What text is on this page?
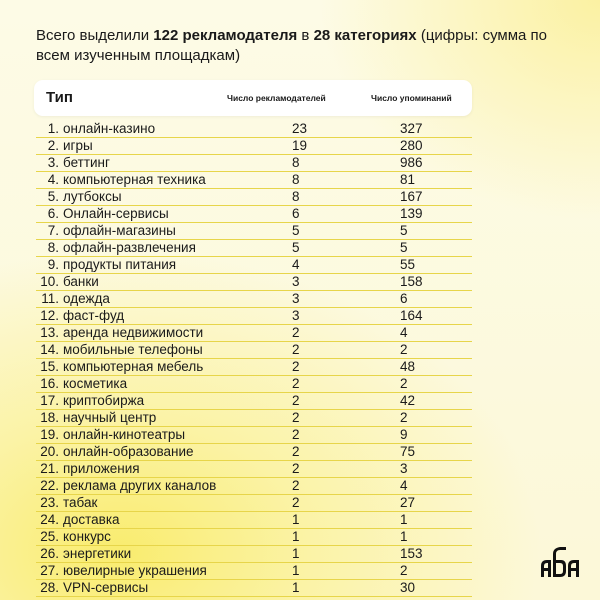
Всего выделили 122 рекламодателя в 28 категориях (цифры: сумма по всем изученным площадкам)
Тип	Число рекламодателей	Число упоминаний
1. онлайн-казино	23	327
2. игры	19	280
3. беттинг	8	986
4. компьютерная техника	8	81
5. лутбоксы	8	167
6. Онлайн-сервисы	6	139
7. офлайн-магазины	5	5
8. офлайн-развлечения	5	5
9. продукты питания	4	55
10. банки	3	158
11. одежда	3	6
12. фаст-фуд	3	164
13. аренда недвижимости	2	4
14. мобильные телефоны	2	2
15. компьютерная мебель	2	48
16. косметика	2	2
17. криптобиржа	2	42
18. научный центр	2	2
19. онлайн-кинотеатры	2	9
20. онлайн-образование	2	75
21. приложения	2	3
22. реклама других каналов	2	4
23. табак	2	27
24. доставка	1	1
25. конкурс	1	1
26. энергетики	1	153
27. ювелирные украшения	1	2
28. VPN-сервисы	1	30
